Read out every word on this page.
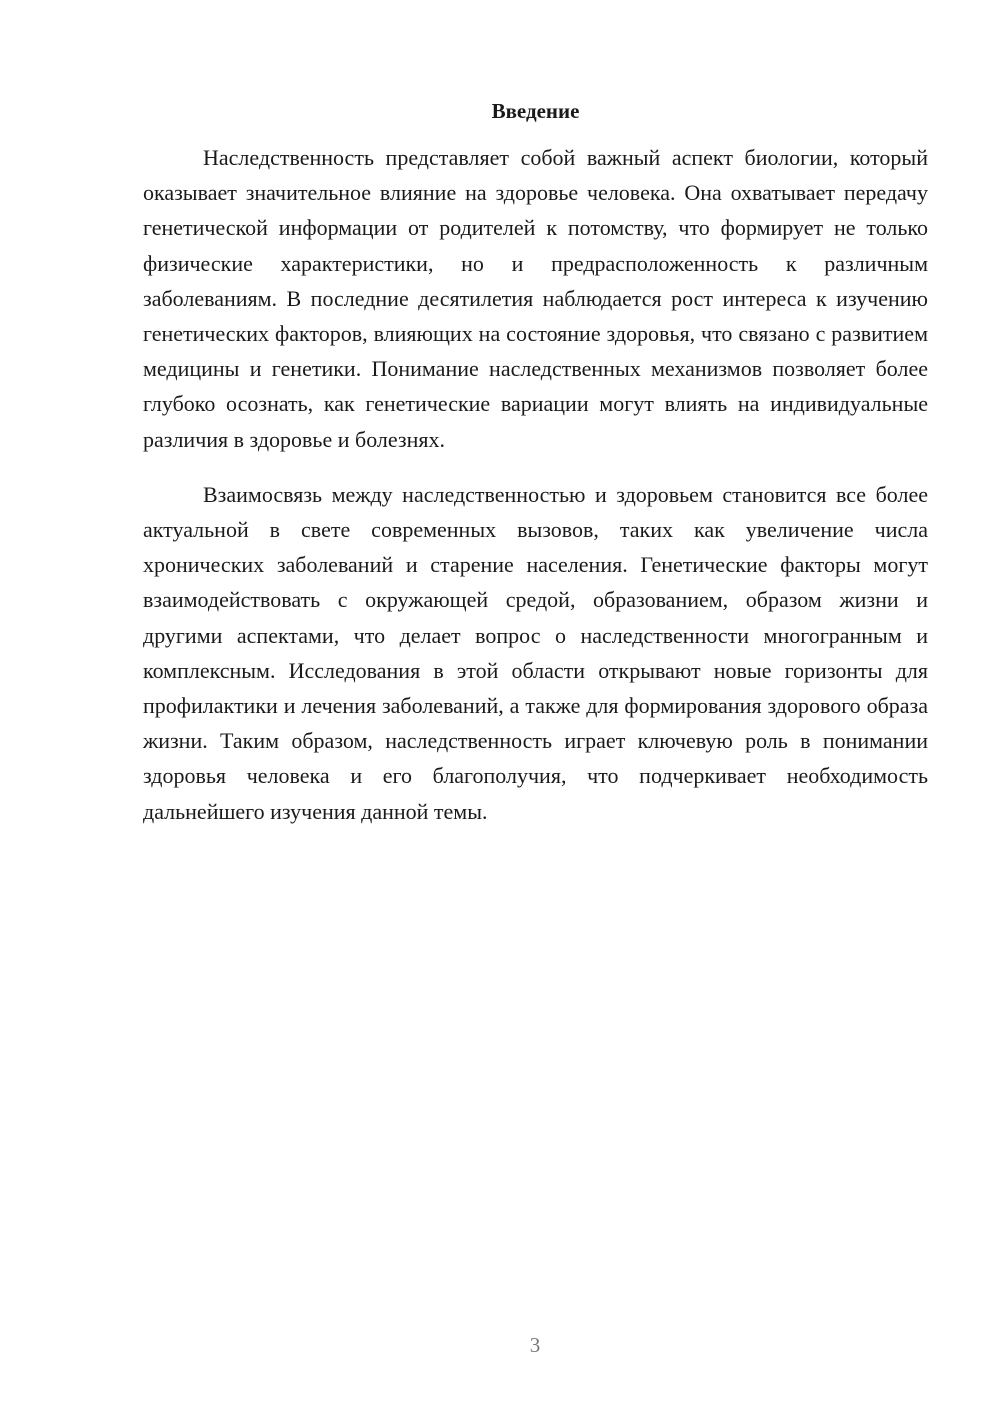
Введение

Наследственность представляет собой важный аспект биологии, который оказывает значительное влияние на здоровье человека. Она охватывает передачу генетической информации от родителей к потомству, что формирует не только физические характеристики, но и предрасположенность к различным заболеваниям. В последние десятилетия наблюдается рост интереса к изучению генетических факторов, влияющих на состояние здоровья, что связано с развитием медицины и генетики. Понимание наследственных механизмов позволяет более глубоко осознать, как генетические вариации могут влиять на индивидуальные различия в здоровье и болезнях.

Взаимосвязь между наследственностью и здоровьем становится все более актуальной в свете современных вызовов, таких как увеличение числа хронических заболеваний и старение населения. Генетические факторы могут взаимодействовать с окружающей средой, образованием, образом жизни и другими аспектами, что делает вопрос о наследственности многогранным и комплексным. Исследования в этой области открывают новые горизонты для профилактики и лечения заболеваний, а также для формирования здорового образа жизни. Таким образом, наследственность играет ключевую роль в понимании здоровья человека и его благополучия, что подчеркивает необходимость дальнейшего изучения данной темы.

3
